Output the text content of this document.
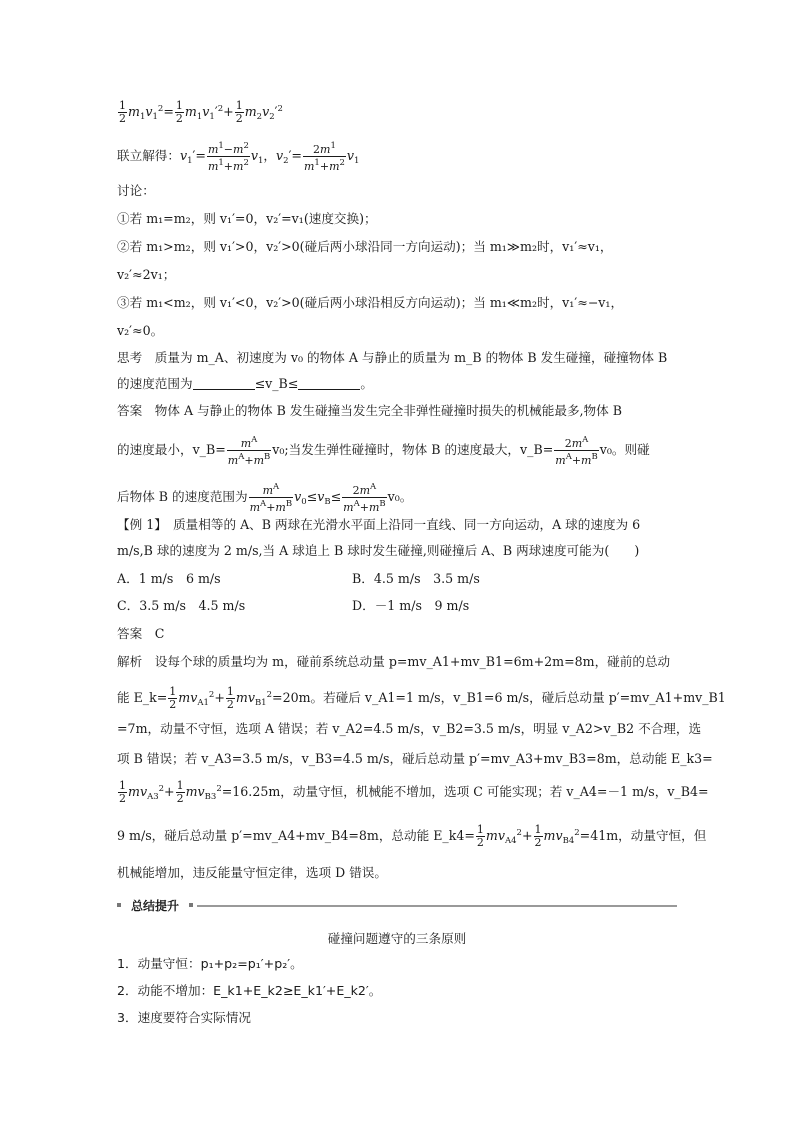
$\frac{1}{2} m_1v_1^2= \frac{1}{2} m_1v_1'^2+ \frac{1}{2} m_2v_2'^2$
联立解得：$v_1'= \frac{m^1-m^2}{m^1+m^2} v_1$，$v_2'= \frac{2m^1}{m^1+m^2} v_1$
讨论：
①若 m₁=m₂，则 v₁′=0，v₂′=v₁(速度交换)；
②若 m₁>m₂，则 v₁′>0，v₂′>0(碰后两小球沿同一方向运动)；当 m₁≫m₂时，v₁′≈v₁，
v₂′≈2v₁；
③若 m₁<m₂，则 v₁′<0，v₂′>0(碰后两小球沿相反方向运动)；当 m₁≪m₂时，v₁′≈−v₁，
v₂′≈0。
思考　质量为 m_A、初速度为 v₀ 的物体 A 与静止的质量为 m_B 的物体 B 发生碰撞，碰撞物体 B
的速度范围为	≤v_B≤	。
答案　物体 A 与静止的物体 B 发生碰撞当发生完全非弹性碰撞时损失的机械能最多,物体 B
的速度最小，v_B= $\frac{m^A}{m^A+m^B} v_0$;当发生弹性碰撞时，物体 B 的速度最大，v_B= $\frac{2m^A}{m^A+m^B} v_0$。则碰
后物体 B 的速度范围为 $\frac{m^A}{m^A+m^B} v_0\le v_B\le \frac{2m^A}{m^A+m^B} v_0$。
【例 1】　质量相等的 A、B 两球在光滑水平面上沿同一直线、同一方向运动，A 球的速度为 6
m/s,B 球的速度为 2 m/s,当 A 球追上 B 球时发生碰撞,则碰撞后 A、B 两球速度可能为(　　)
A．1 m/s　6 m/s	B．4.5 m/s　3.5 m/s
C．3.5 m/s　4.5 m/s	D．－1 m/s　9 m/s
答案　C
解析　设每个球的质量均为 m，碰前系统总动量 p=mv_A1+mv_B1=6m+2m=8m，碰前的总动
能 E_k= $\frac{1}{2} mv_{A1}^2+ \frac{1}{2} mv_{B1}^2=20m$。若碰后 v_A1=1 m/s，v_B1=6 m/s，碰后总动量 p′=mv_A1+mv_B1
=7m，动量不守恒，选项 A 错误；若 v_A2=4.5 m/s，v_B2=3.5 m/s，明显 v_A2>v_B2 不合理，选
项 B 错误；若 v_A3=3.5 m/s，v_B3=4.5 m/s，碰后总动量 p′=mv_A3+mv_B3=8m，总动能 E_k3=
$\frac{1}{2} mv_{A3}^2+ \frac{1}{2} mv_{B3}^2=16.25m$，动量守恒，机械能不增加，选项 C 可能实现；若 v_A4=－1 m/s，v_B4=
9 m/s，碰后总动量 p′=mv_A4+mv_B4=8m，总动能 E_k4= $\frac{1}{2} mv_{A4}^2+ \frac{1}{2} mv_{B4}^2=41m$，动量守恒，但
机械能增加，违反能量守恒定律，选项 D 错误。
总结提升
碰撞问题遵守的三条原则
1．动量守恒：p₁+p₂=p₁′+p₂′。
2．动能不增加：E_k1+E_k2≥E_k1′+E_k2′。
3．速度要符合实际情况
